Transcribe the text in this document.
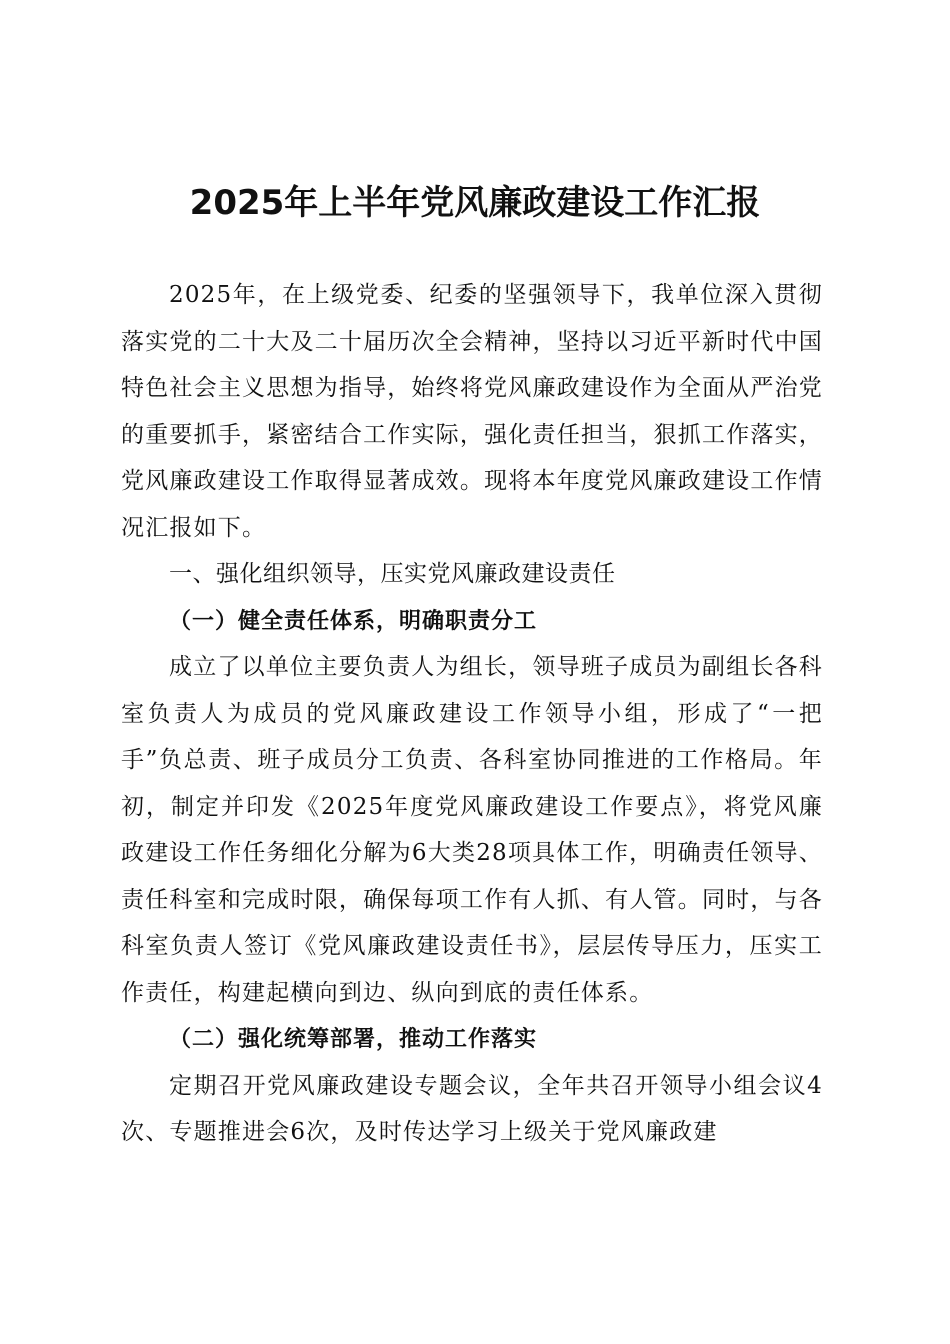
2025年上半年党风廉政建设工作汇报

2025年，在上级党委、纪委的坚强领导下，我单位深入贯彻落实党的二十大及二十届历次全会精神，坚持以习近平新时代中国特色社会主义思想为指导，始终将党风廉政建设作为全面从严治党的重要抓手，紧密结合工作实际，强化责任担当，狠抓工作落实，党风廉政建设工作取得显著成效。现将本年度党风廉政建设工作情况汇报如下。

一、强化组织领导，压实党风廉政建设责任

（一）健全责任体系，明确职责分工

成立了以单位主要负责人为组长，领导班子成员为副组长各科室负责人为成员的党风廉政建设工作领导小组，形成了“一把手”负总责、班子成员分工负责、各科室协同推进的工作格局。年初，制定并印发《2025年度党风廉政建设工作要点》，将党风廉政建设工作任务细化分解为6大类28项具体工作，明确责任领导、责任科室和完成时限，确保每项工作有人抓、有人管。同时，与各科室负责人签订《党风廉政建设责任书》，层层传导压力，压实工作责任，构建起横向到边、纵向到底的责任体系。

（二）强化统筹部署，推动工作落实

定期召开党风廉政建设专题会议，全年共召开领导小组会议4次、专题推进会6次，及时传达学习上级关于党风廉政建
